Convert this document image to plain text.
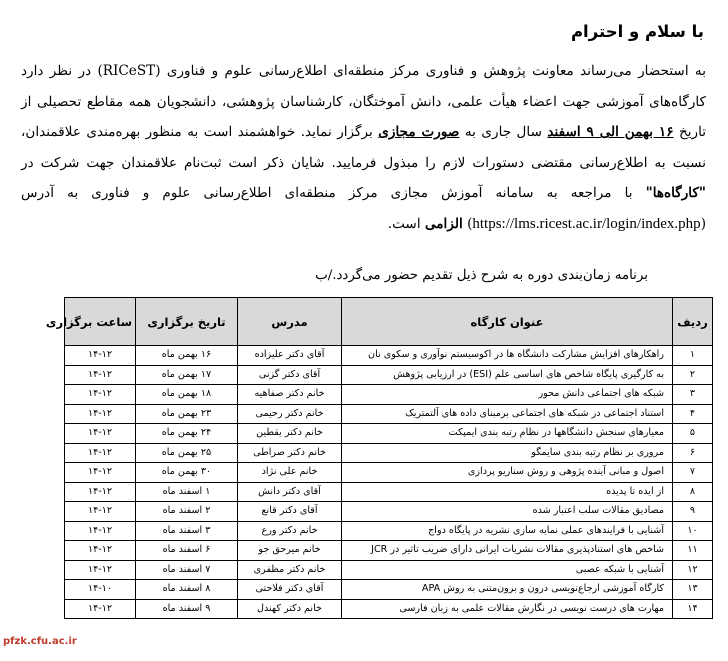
با سلام و احترام
به استحضار می‌رساند معاونت پژوهش و فناوری مرکز منطقه‌ای اطلاع‌رسانی علوم و فناوری (RICeST) در نظر دارد کارگاه‌های آموزشی جهت اعضاء هیأت علمی، دانش آموختگان، کارشناسان پژوهشی، دانشجویان همه مقاطع تحصیلی از تاریخ ۱۶ بهمن الی ۹ اسفند سال جاری به صورت مجازی برگزار نماید. خواهشمند است به منظور بهره‌مندی علاقمندان، نسبت به اطلاع‌رسانی مقتضی دستورات لازم را مبذول فرمایید. شایان ذکر است ثبت‌نام علاقمندان جهت شرکت در "کارگاه‌ها" با مراجعه به سامانه آموزش مجازی مرکز منطقه‌ای اطلاع‌رسانی علوم و فناوری به آدرس (https://lms.ricest.ac.ir/login/index.php) الزامی است.
برنامه زمان‌بندی دوره به شرح ذیل تقدیم حضور می‌گردد./ب
ردیف	عنوان کارگاه	مدرس	تاریخ برگزاری	ساعت برگزاری
۱	راهکارهای افزایش مشارکت دانشگاه ها در اکوسیستم نوآوری و سکوی نان	آقای دکتر علیزاده	۱۶ بهمن ماه	۱۴-۱۲
۲	به کارگیری پایگاه شاخص های اساسی علم (ESI) در ارزیابی پژوهش	آقای دکتر گزنی	۱۷ بهمن ماه	۱۴-۱۲
۳	شبکه های اجتماعی دانش محور	خانم دکتر صفاهیه	۱۸ بهمن ماه	۱۴-۱۲
۴	استناد اجتماعی در شبکه های اجتماعی برمبنای داده های آلتمتریک	خانم دکتر رحیمی	۲۳ بهمن ماه	۱۴-۱۲
۵	معیارهای سنجش دانشگاهها در نظام رتبه بندی ایمپکت	خانم دکتر یقطین	۲۴ بهمن ماه	۱۴-۱۲
۶	مروری بر نظام رتبه بندی سایمگو	خانم دکتر صراطی	۲۵ بهمن ماه	۱۴-۱۲
۷	اصول و مبانی آینده پژوهی و روش سناریو پردازی	خانم علی نژاد	۳۰ بهمن ماه	۱۴-۱۲
۸	از ایده تا پدیده	آقای دکتر دانش	۱ اسفند ماه	۱۴-۱۲
۹	مصادیق مقالات سلب اعتبار شده	آقای دکتر قانع	۲ اسفند ماه	۱۴-۱۲
۱۰	آشنایی با فرایندهای عملی نمایه سازی نشریه در پایگاه دواج	خانم دکتر ورع	۳ اسفند ماه	۱۴-۱۲
۱۱	شاخص های استنادپذیری مقالات نشریات ایرانی دارای ضریب تاثیر در JCR	خانم میرحق جو	۶ اسفند ماه	۱۴-۱۲
۱۲	آشنایی با شبکه عصبی	خانم دکتر مظفری	۷ اسفند ماه	۱۴-۱۲
۱۳	کارگاه آموزشی ارجاع‌نویسی درون و برون‌متنی به روش APA	آقای دکتر فلاحتی	۸ اسفند ماه	۱۴-۱۰
۱۴	مهارت های درست نویسی در نگارش مقالات علمی به زبان فارسی	خانم دکتر کهندل	۹ اسفند ماه	۱۴-۱۲
pfzk.cfu.ac.ir
